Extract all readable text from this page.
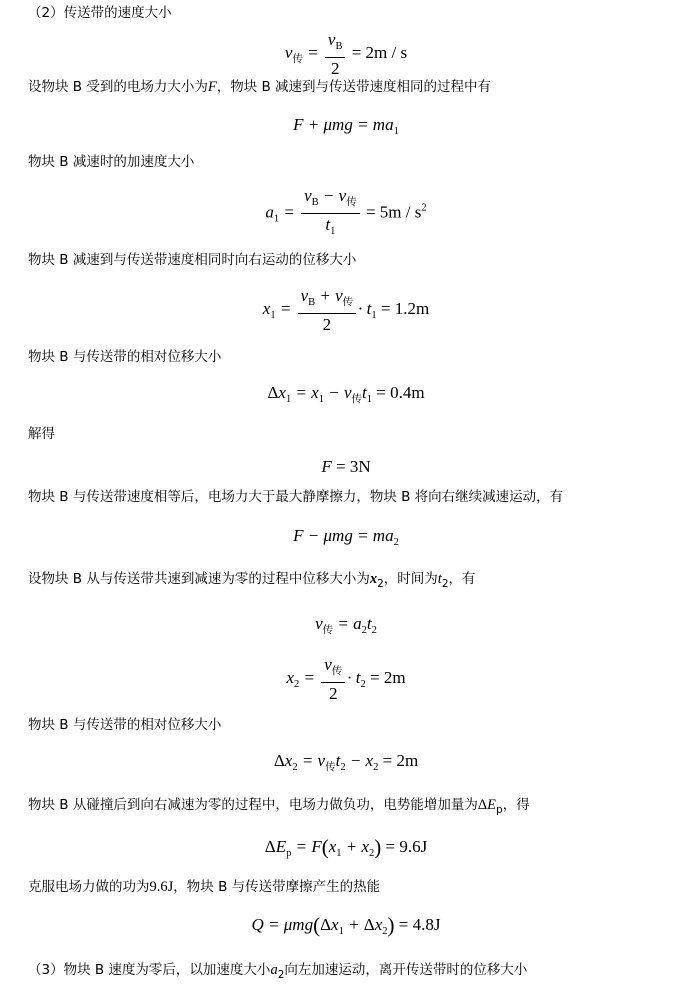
（2）传送带的速度大小
$v_传 = \frac{v_B}{2} = 2m / s$
设物块 B 受到的电场力大小为F，物块 B 减速到与传送带速度相同的过程中有
$F + \mu mg = ma_1$
物块 B 减速时的加速度大小
$a_1 = \frac{v_B - v_传}{t_1} = 5m / s^2$
物块 B 减速到与传送带速度相同时向右运动的位移大小
$x_1 = \frac{v_B + v_传}{2} \cdot t_1 = 1.2m$
物块 B 与传送带的相对位移大小
$\Delta x_1 = x_1 - v_传t_1 = 0.4m$
解得
F = 3N
物块 B 与传送带速度相等后，电场力大于最大静摩擦力，物块 B 将向右继续减速运动，有
$F - \mu mg = ma_2$
设物块 B 从与传送带共速到减速为零的过程中位移大小为$x_2$，时间为$t_2$，有
$v_传 = a_2t_2$
$x_2 = \frac{v_传}{2} \cdot t_2 = 2m$
物块 B 与传送带的相对位移大小
$\Delta x_2 = v_传t_2 - x_2 = 2m$
物块 B 从碰撞后到向右减速为零的过程中，电场力做负功，电势能增加量为$\Delta E_p$，得
$\Delta E_p = F(x_1 + x_2) = 9.6J$
克服电场力做的功为9.6J，物块 B 与传送带摩擦产生的热能
$Q = \mu mg(\Delta x_1 + \Delta x_2) = 4.8J$
（3）物块 B 速度为零后，以加速度大小$a_2$向左加速运动，离开传送带时的位移大小
